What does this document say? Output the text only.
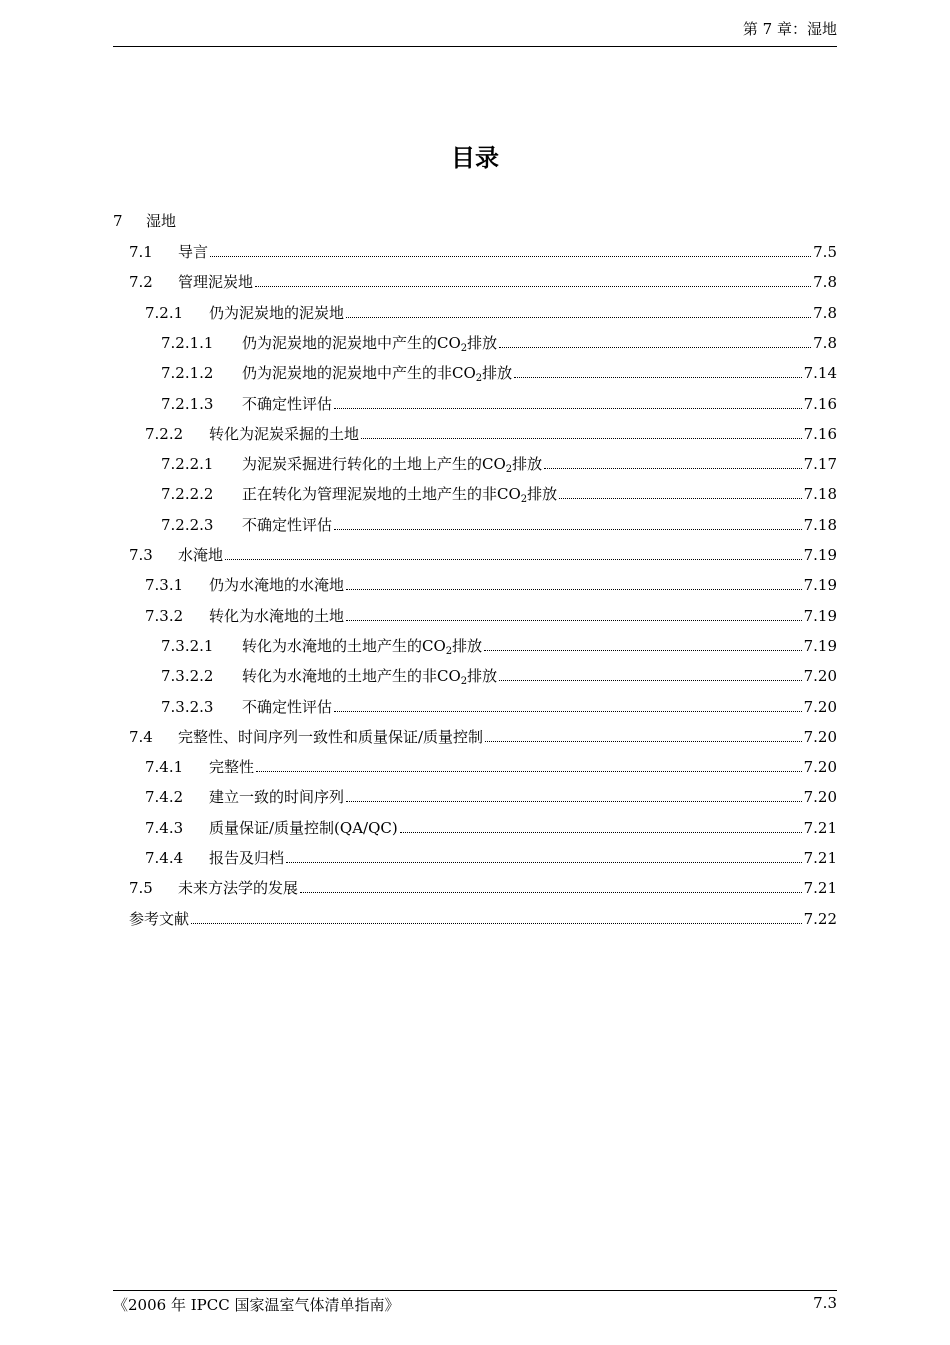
第 7 章：湿地
目录
7	湿地
7.1	导言	7.5
7.2	管理泥炭地	7.8
7.2.1	仍为泥炭地的泥炭地	7.8
7.2.1.1	仍为泥炭地的泥炭地中产生的$CO_2$排放	7.8
7.2.1.2	仍为泥炭地的泥炭地中产生的非$CO_2$排放	7.14
7.2.1.3	不确定性评估	7.16
7.2.2	转化为泥炭采掘的土地	7.16
7.2.2.1	为泥炭采掘进行转化的土地上产生的$CO_2$排放	7.17
7.2.2.2	正在转化为管理泥炭地的土地产生的非$CO_2$排放	7.18
7.2.2.3	不确定性评估	7.18
7.3	水淹地	7.19
7.3.1	仍为水淹地的水淹地	7.19
7.3.2	转化为水淹地的土地	7.19
7.3.2.1	转化为水淹地的土地产生的$CO_2$排放	7.19
7.3.2.2	转化为水淹地的土地产生的非$CO_2$排放	7.20
7.3.2.3	不确定性评估	7.20
7.4	完整性、时间序列一致性和质量保证/质量控制	7.20
7.4.1	完整性	7.20
7.4.2	建立一致的时间序列	7.20
7.4.3	质量保证/质量控制(QA/QC)	7.21
7.4.4	报告及归档	7.21
7.5	未来方法学的发展	7.21
参考文献	7.22
《2006 年 IPCC 国家温室气体清单指南》	7.3
